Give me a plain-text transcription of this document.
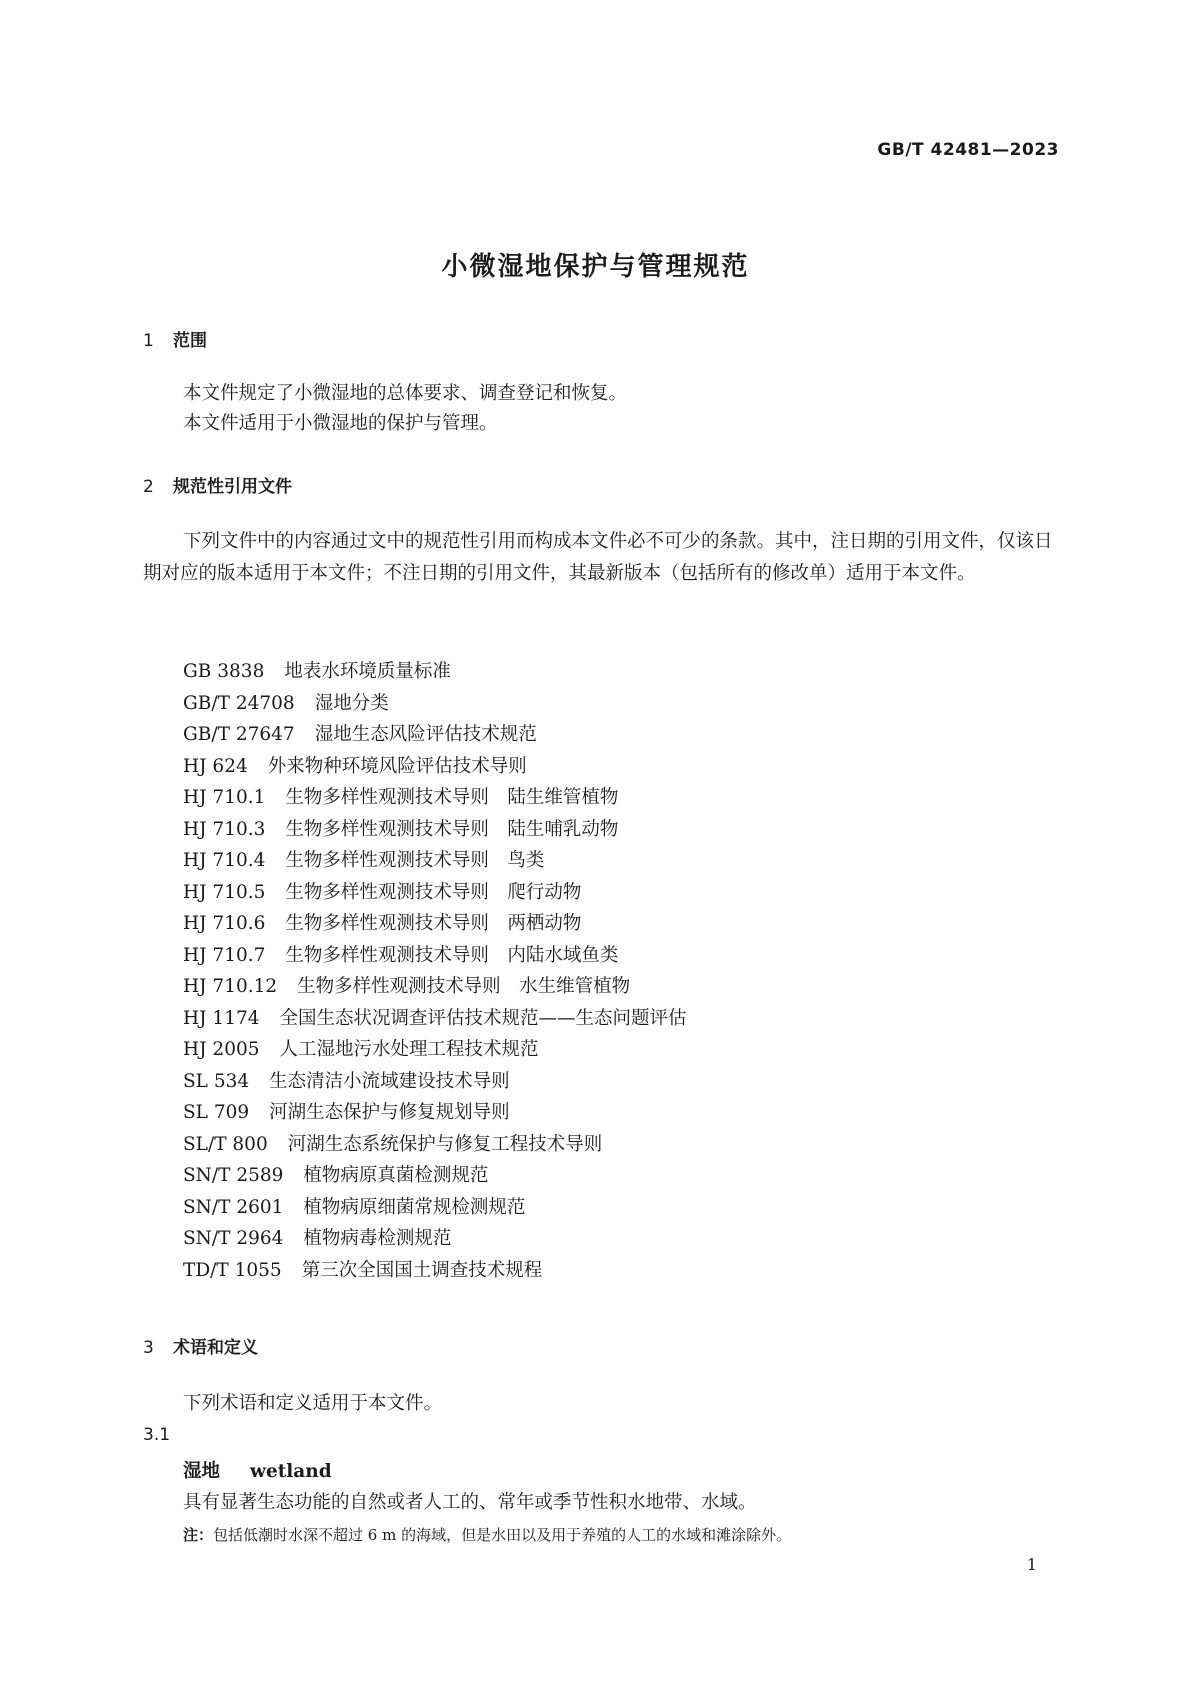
GB/T 42481—2023
小微湿地保护与管理规范
1 范围
本文件规定了小微湿地的总体要求、调查登记和恢复。
本文件适用于小微湿地的保护与管理。
2 规范性引用文件
下列文件中的内容通过文中的规范性引用而构成本文件必不可少的条款。其中，注日期的引用文件，仅该日期对应的版本适用于本文件；不注日期的引用文件，其最新版本（包括所有的修改单）适用于本文件。
GB 3838 地表水环境质量标准
GB/T 24708 湿地分类
GB/T 27647 湿地生态风险评估技术规范
HJ 624 外来物种环境风险评估技术导则
HJ 710.1 生物多样性观测技术导则　陆生维管植物
HJ 710.3 生物多样性观测技术导则　陆生哺乳动物
HJ 710.4 生物多样性观测技术导则　鸟类
HJ 710.5 生物多样性观测技术导则　爬行动物
HJ 710.6 生物多样性观测技术导则　两栖动物
HJ 710.7 生物多样性观测技术导则　内陆水域鱼类
HJ 710.12 生物多样性观测技术导则　水生维管植物
HJ 1174 全国生态状况调查评估技术规范——生态问题评估
HJ 2005 人工湿地污水处理工程技术规范
SL 534 生态清洁小流域建设技术导则
SL 709 河湖生态保护与修复规划导则
SL/T 800 河湖生态系统保护与修复工程技术导则
SN/T 2589 植物病原真菌检测规范
SN/T 2601 植物病原细菌常规检测规范
SN/T 2964 植物病毒检测规范
TD/T 1055 第三次全国国土调查技术规程
3 术语和定义
下列术语和定义适用于本文件。
3.1
湿地 wetland
具有显著生态功能的自然或者人工的、常年或季节性积水地带、水域。
注：包括低潮时水深不超过 6 m 的海域，但是水田以及用于养殖的人工的水域和滩涂除外。
1
